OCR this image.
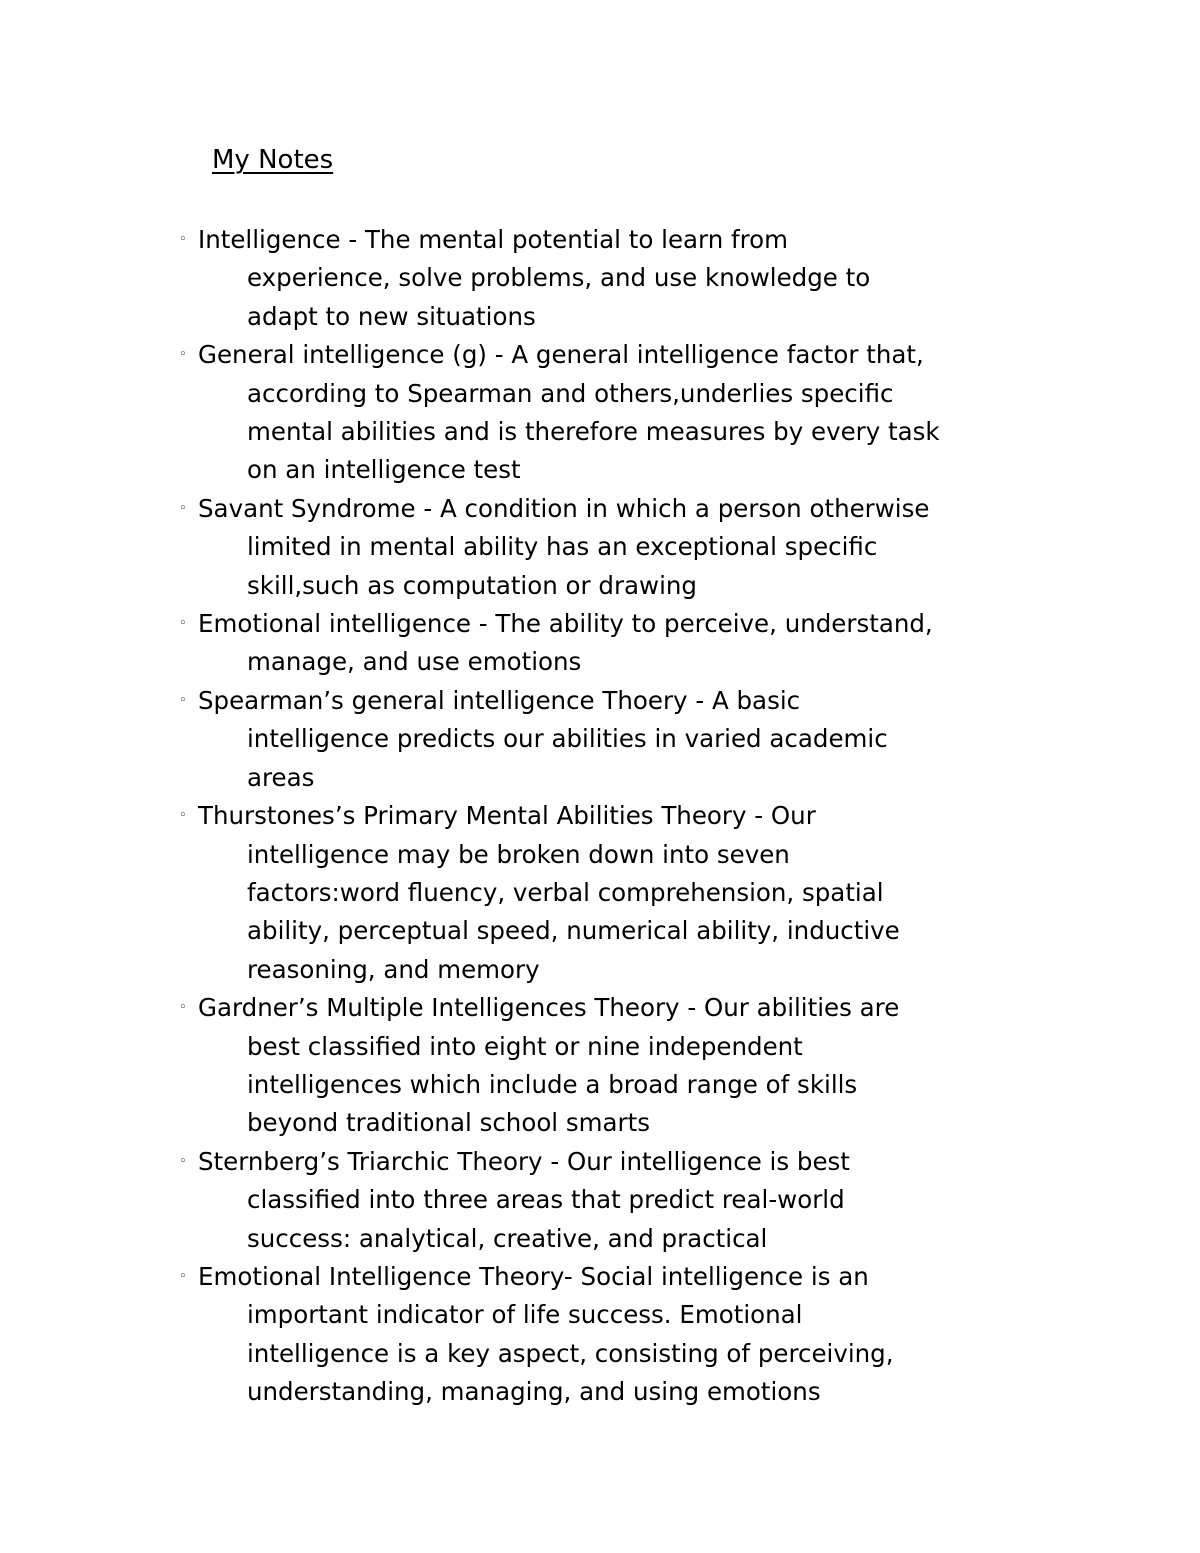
My Notes
◦ Intelligence - The mental potential to learn from
experience, solve problems, and use knowledge to
adapt to new situations
◦ General intelligence (g) - A general intelligence factor that,
according to Spearman and others,underlies specific
mental abilities and is therefore measures by every task
on an intelligence test
◦ Savant Syndrome - A condition in which a person otherwise
limited in mental ability has an exceptional specific
skill,such as computation or drawing
◦ Emotional intelligence - The ability to perceive, understand,
manage, and use emotions
◦ Spearman’s general intelligence Thoery - A basic
intelligence predicts our abilities in varied academic
areas
◦ Thurstones’s Primary Mental Abilities Theory - Our
intelligence may be broken down into seven
factors:word fluency, verbal comprehension, spatial
ability, perceptual speed, numerical ability, inductive
reasoning, and memory
◦ Gardner’s Multiple Intelligences Theory - Our abilities are
best classified into eight or nine independent
intelligences which include a broad range of skills
beyond traditional school smarts
◦ Sternberg’s Triarchic Theory - Our intelligence is best
classified into three areas that predict real-world
success: analytical, creative, and practical
◦ Emotional Intelligence Theory- Social intelligence is an
important indicator of life success. Emotional
intelligence is a key aspect, consisting of perceiving,
understanding, managing, and using emotions
